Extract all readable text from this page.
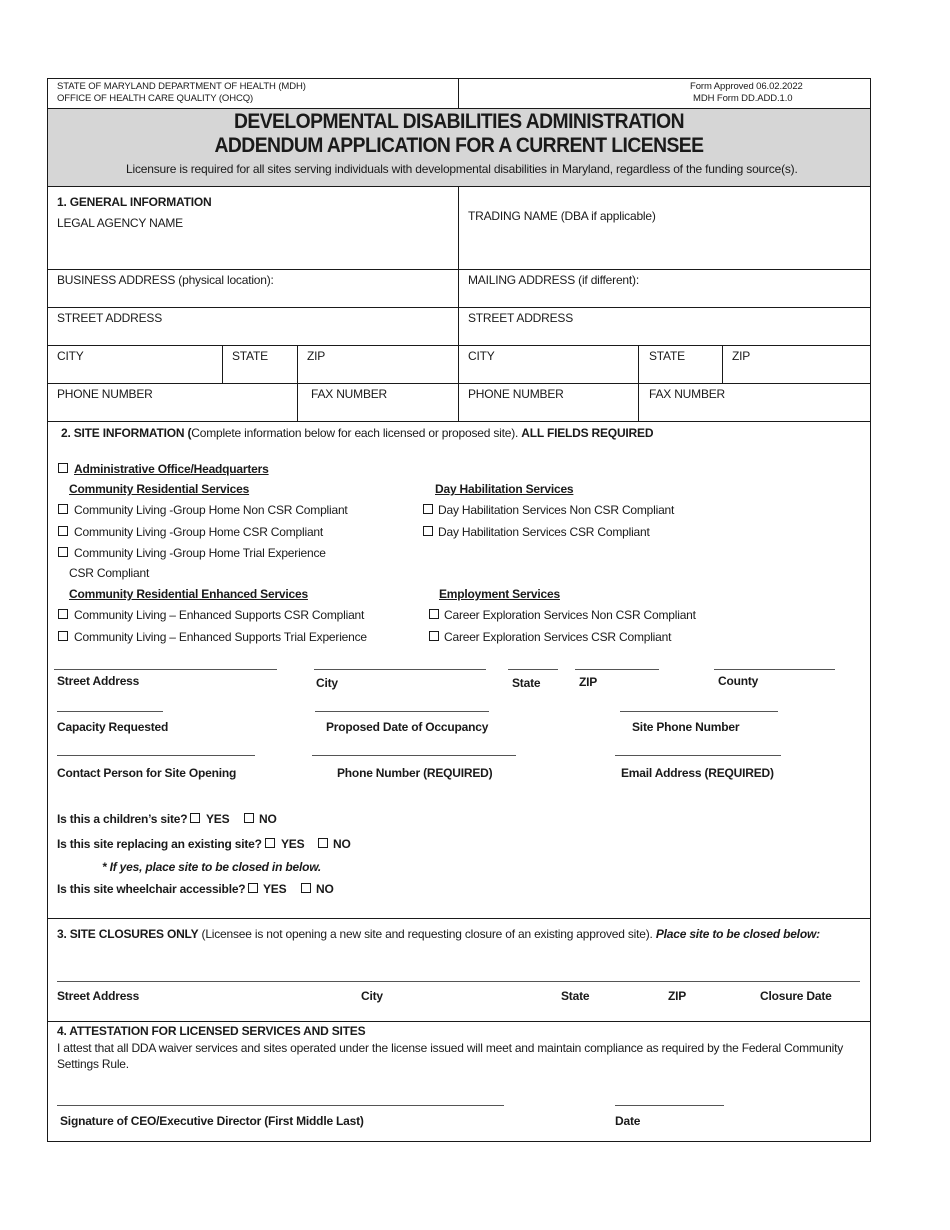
STATE OF MARYLAND DEPARTMENT OF HEALTH (MDH)
OFFICE OF HEALTH CARE QUALITY (OHCQ)
Form Approved 06.02.2022
MDH Form DD.ADD.1.0
DEVELOPMENTAL DISABILITIES ADMINISTRATION
ADDENDUM APPLICATION FOR A CURRENT LICENSEE
Licensure is required for all sites serving individuals with developmental disabilities in Maryland, regardless of the funding source(s).
1. GENERAL INFORMATION
LEGAL AGENCY NAME	TRADING NAME (DBA if applicable)
BUSINESS ADDRESS (physical location):	MAILING ADDRESS (if different):
STREET ADDRESS	STREET ADDRESS
CITY	STATE	ZIP	CITY	STATE	ZIP
PHONE NUMBER	FAX NUMBER	PHONE NUMBER	FAX NUMBER
2. SITE INFORMATION (Complete information below for each licensed or proposed site). ALL FIELDS REQUIRED
Administrative Office/Headquarters
Community Residential Services
Community Living -Group Home Non CSR Compliant
Community Living -Group Home CSR Compliant
Community Living -Group Home Trial Experience
CSR Compliant
Day Habilitation Services
Day Habilitation Services Non CSR Compliant
Day Habilitation Services CSR Compliant
Community Residential Enhanced Services
Community Living – Enhanced Supports CSR Compliant
Community Living – Enhanced Supports Trial Experience
Employment Services
Career Exploration Services Non CSR Compliant
Career Exploration Services CSR Compliant
Street Address	City	State	ZIP	County
Capacity Requested	Proposed Date of Occupancy	Site Phone Number
Contact Person for Site Opening	Phone Number (REQUIRED)	Email Address (REQUIRED)
Is this a children’s site? YES NO
Is this site replacing an existing site? YES NO
* If yes, place site to be closed in below.
Is this site wheelchair accessible? YES NO
3. SITE CLOSURES ONLY (Licensee is not opening a new site and requesting closure of an existing approved site). Place site to be closed below:
Street Address	City	State	ZIP	Closure Date
4. ATTESTATION FOR LICENSED SERVICES AND SITES
I attest that all DDA waiver services and sites operated under the license issued will meet and maintain compliance as required by the Federal Community
Settings Rule.
Signature of CEO/Executive Director (First Middle Last)	Date
